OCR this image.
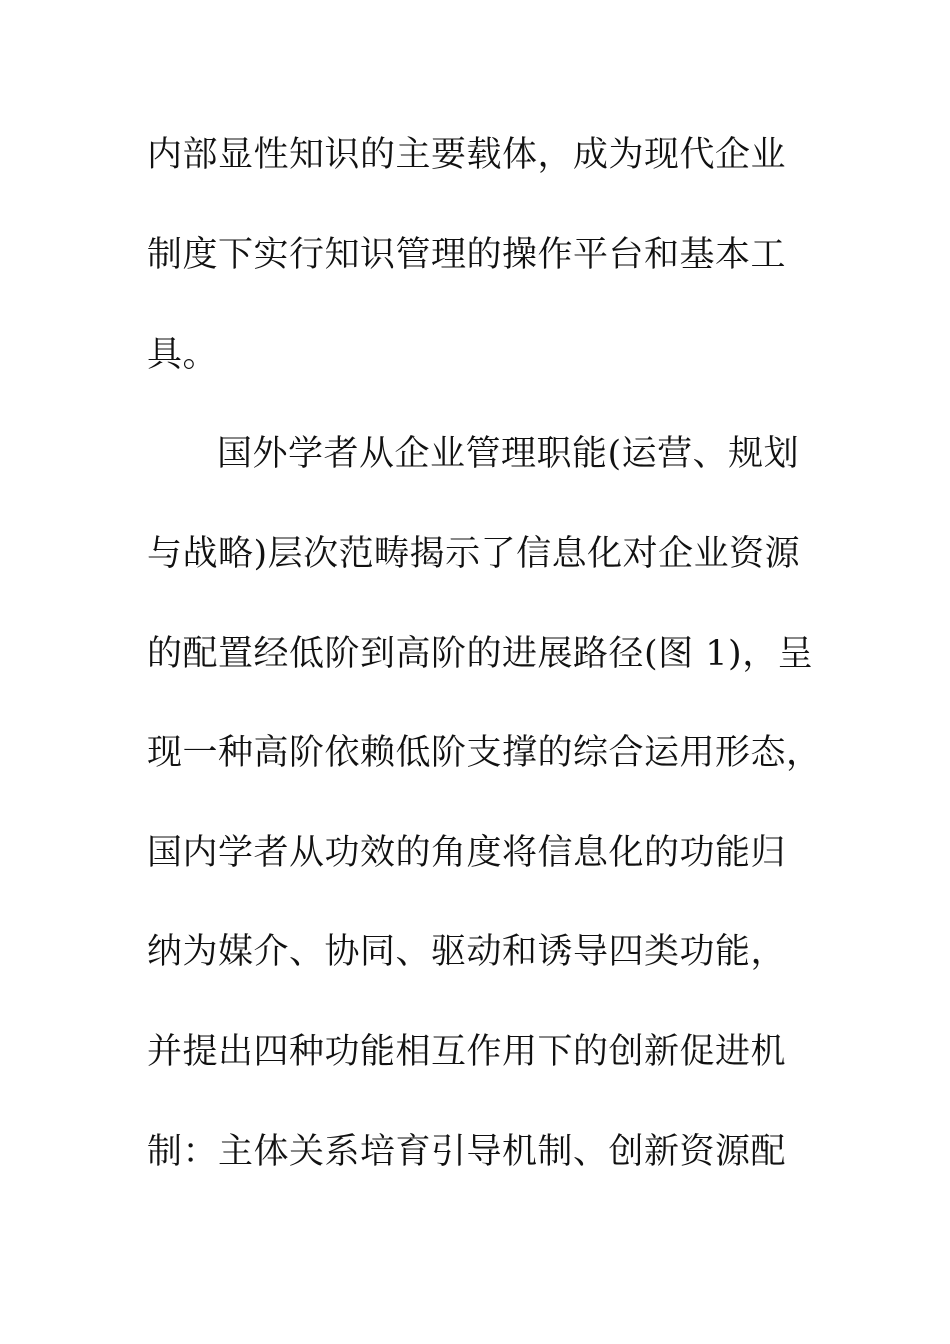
内部显性知识的主要载体，成为现代企业
制度下实行知识管理的操作平台和基本工
具。
国外学者从企业管理职能(运营、规划
与战略)层次范畴揭示了信息化对企业资源
的配置经低阶到高阶的进展路径(图 1)，呈
现一种高阶依赖低阶支撑的综合运用形态，
国内学者从功效的角度将信息化的功能归
纳为媒介、协同、驱动和诱导四类功能，
并提出四种功能相互作用下的创新促进机
制：主体关系培育引导机制、创新资源配
